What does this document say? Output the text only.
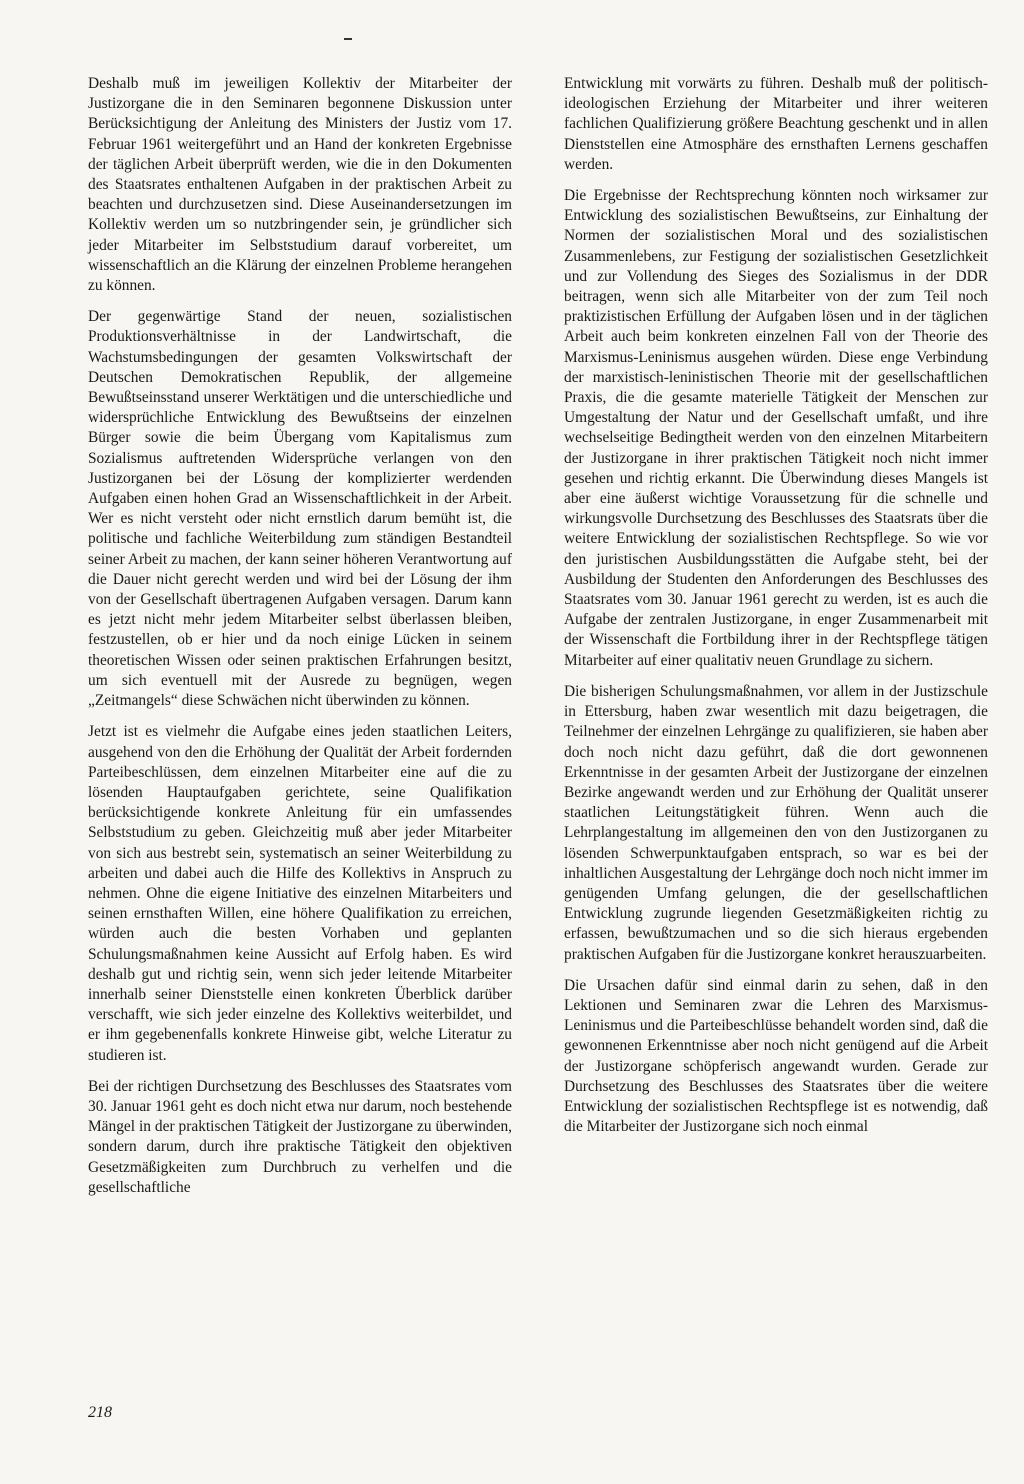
Deshalb muß im jeweiligen Kollektiv der Mitarbeiter der Justizorgane die in den Seminaren begonnene Diskussion unter Berücksichtigung der Anleitung des Ministers der Justiz vom 17. Februar 1961 weitergeführt und an Hand der konkreten Ergebnisse der täglichen Arbeit überprüft werden, wie die in den Dokumenten des Staatsrates enthaltenen Aufgaben in der praktischen Arbeit zu beachten und durchzusetzen sind. Diese Auseinandersetzungen im Kollektiv werden um so nutzbringender sein, je gründlicher sich jeder Mitarbeiter im Selbststudium darauf vorbereitet, um wissenschaftlich an die Klärung der einzelnen Probleme herangehen zu können.

Der gegenwärtige Stand der neuen, sozialistischen Produktionsverhältnisse in der Landwirtschaft, die Wachstumsbedingungen der gesamten Volkswirtschaft der Deutschen Demokratischen Republik, der allgemeine Bewußtseinsstand unserer Werktätigen und die unterschiedliche und widersprüchliche Entwicklung des Bewußtseins der einzelnen Bürger sowie die beim Übergang vom Kapitalismus zum Sozialismus auftretenden Widersprüche verlangen von den Justizorganen bei der Lösung der komplizierter werdenden Aufgaben einen hohen Grad an Wissenschaftlichkeit in der Arbeit. Wer es nicht versteht oder nicht ernstlich darum bemüht ist, die politische und fachliche Weiterbildung zum ständigen Bestandteil seiner Arbeit zu machen, der kann seiner höheren Verantwortung auf die Dauer nicht gerecht werden und wird bei der Lösung der ihm von der Gesellschaft übertragenen Aufgaben versagen. Darum kann es jetzt nicht mehr jedem Mitarbeiter selbst überlassen bleiben, festzustellen, ob er hier und da noch einige Lücken in seinem theoretischen Wissen oder seinen praktischen Erfahrungen besitzt, um sich eventuell mit der Ausrede zu begnügen, wegen „Zeitmangels“ diese Schwächen nicht überwinden zu können.

Jetzt ist es vielmehr die Aufgabe eines jeden staatlichen Leiters, ausgehend von den die Erhöhung der Qualität der Arbeit fordernden Parteibeschlüssen, dem einzelnen Mitarbeiter eine auf die zu lösenden Hauptaufgaben gerichtete, seine Qualifikation berücksichtigende konkrete Anleitung für ein umfassendes Selbststudium zu geben. Gleichzeitig muß aber jeder Mitarbeiter von sich aus bestrebt sein, systematisch an seiner Weiterbildung zu arbeiten und dabei auch die Hilfe des Kollektivs in Anspruch zu nehmen. Ohne die eigene Initiative des einzelnen Mitarbeiters und seinen ernsthaften Willen, eine höhere Qualifikation zu erreichen, würden auch die besten Vorhaben und geplanten Schulungsmaßnahmen keine Aussicht auf Erfolg haben. Es wird deshalb gut und richtig sein, wenn sich jeder leitende Mitarbeiter innerhalb seiner Dienststelle einen konkreten Überblick darüber verschafft, wie sich jeder einzelne des Kollektivs weiterbildet, und er ihm gegebenenfalls konkrete Hinweise gibt, welche Literatur zu studieren ist.

Bei der richtigen Durchsetzung des Beschlusses des Staatsrates vom 30. Januar 1961 geht es doch nicht etwa nur darum, noch bestehende Mängel in der praktischen Tätigkeit der Justizorgane zu überwinden, sondern darum, durch ihre praktische Tätigkeit den objektiven Gesetzmäßigkeiten zum Durchbruch zu verhelfen und die gesellschaftliche

Entwicklung mit vorwärts zu führen. Deshalb muß der politisch-ideologischen Erziehung der Mitarbeiter und ihrer weiteren fachlichen Qualifizierung größere Beachtung geschenkt und in allen Dienststellen eine Atmosphäre des ernsthaften Lernens geschaffen werden.

Die Ergebnisse der Rechtsprechung könnten noch wirksamer zur Entwicklung des sozialistischen Bewußtseins, zur Einhaltung der Normen der sozialistischen Moral und des sozialistischen Zusammenlebens, zur Festigung der sozialistischen Gesetzlichkeit und zur Vollendung des Sieges des Sozialismus in der DDR beitragen, wenn sich alle Mitarbeiter von der zum Teil noch praktizistischen Erfüllung der Aufgaben lösen und in der täglichen Arbeit auch beim konkreten einzelnen Fall von der Theorie des Marxismus-Leninismus ausgehen würden. Diese enge Verbindung der marxistisch-leninistischen Theorie mit der gesellschaftlichen Praxis, die die gesamte materielle Tätigkeit der Menschen zur Umgestaltung der Natur und der Gesellschaft umfaßt, und ihre wechselseitige Bedingtheit werden von den einzelnen Mitarbeitern der Justizorgane in ihrer praktischen Tätigkeit noch nicht immer gesehen und richtig erkannt. Die Überwindung dieses Mangels ist aber eine äußerst wichtige Voraussetzung für die schnelle und wirkungsvolle Durchsetzung des Beschlusses des Staatsrats über die weitere Entwicklung der sozialistischen Rechtspflege. So wie vor den juristischen Ausbildungsstätten die Aufgabe steht, bei der Ausbildung der Studenten den Anforderungen des Beschlusses des Staatsrates vom 30. Januar 1961 gerecht zu werden, ist es auch die Aufgabe der zentralen Justizorgane, in enger Zusammenarbeit mit der Wissenschaft die Fortbildung ihrer in der Rechtspflege tätigen Mitarbeiter auf einer qualitativ neuen Grundlage zu sichern.

Die bisherigen Schulungsmaßnahmen, vor allem in der Justizschule in Ettersburg, haben zwar wesentlich mit dazu beigetragen, die Teilnehmer der einzelnen Lehrgänge zu qualifizieren, sie haben aber doch noch nicht dazu geführt, daß die dort gewonnenen Erkenntnisse in der gesamten Arbeit der Justizorgane der einzelnen Bezirke angewandt werden und zur Erhöhung der Qualität unserer staatlichen Leitungstätigkeit führen. Wenn auch die Lehrplangestaltung im allgemeinen den von den Justizorganen zu lösenden Schwerpunktaufgaben entsprach, so war es bei der inhaltlichen Ausgestaltung der Lehrgänge doch noch nicht immer im genügenden Umfang gelungen, die der gesellschaftlichen Entwicklung zugrunde liegenden Gesetzmäßigkeiten richtig zu erfassen, bewußtzumachen und so die sich hieraus ergebenden praktischen Aufgaben für die Justizorgane konkret herauszuarbeiten.

Die Ursachen dafür sind einmal darin zu sehen, daß in den Lektionen und Seminaren zwar die Lehren des Marxismus-Leninismus und die Parteibeschlüsse behandelt worden sind, daß die gewonnenen Erkenntnisse aber noch nicht genügend auf die Arbeit der Justizorgane schöpferisch angewandt wurden. Gerade zur Durchsetzung des Beschlusses des Staatsrates über die weitere Entwicklung der sozialistischen Rechtspflege ist es notwendig, daß die Mitarbeiter der Justizorgane sich noch einmal

218
